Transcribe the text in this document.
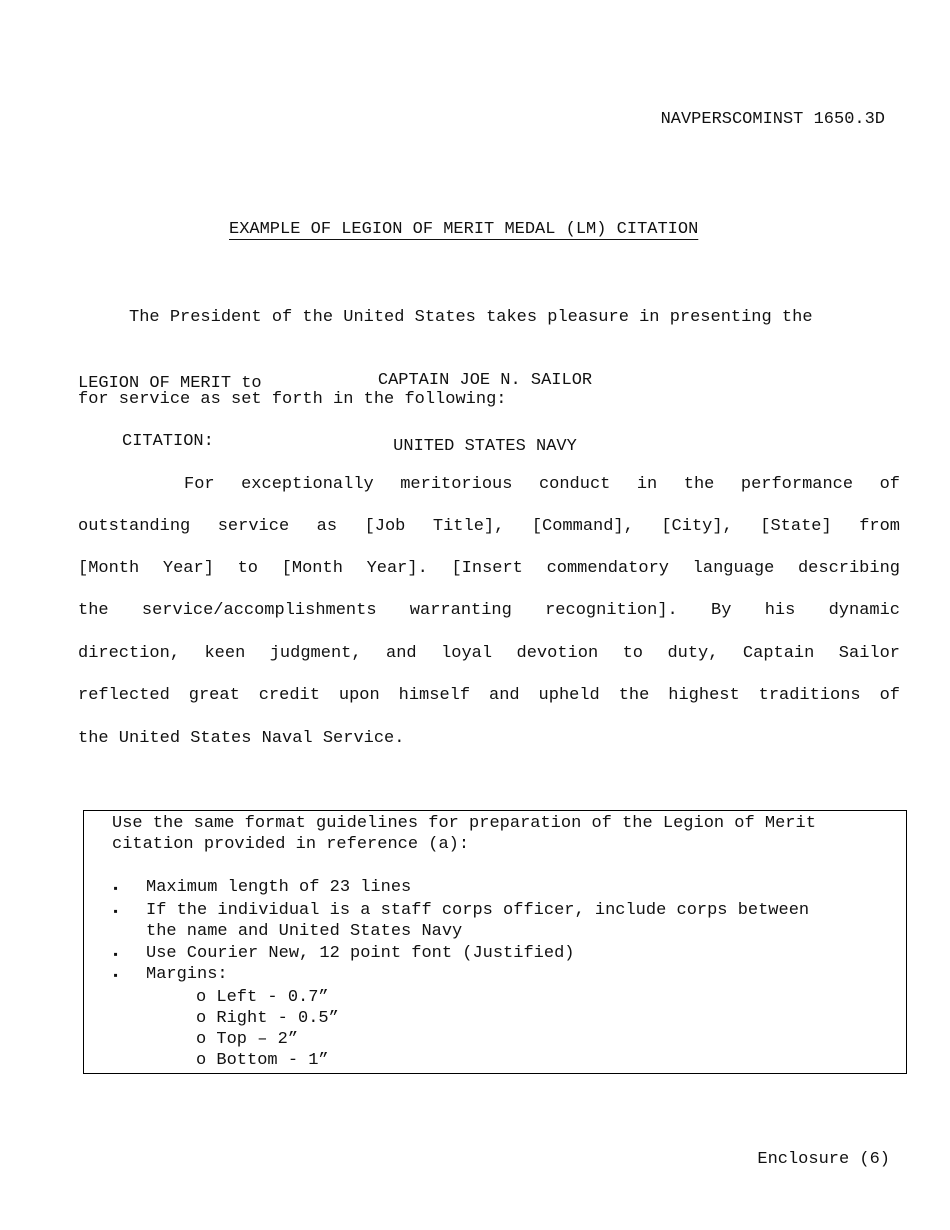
NAVPERSCOMINST 1650.3D
EXAMPLE OF LEGION OF MERIT MEDAL (LM) CITATION

The President of the United States takes pleasure in presenting the

LEGION OF MERIT to

	CAPTAIN JOE N. SAILOR

UNITED STATES NAVY

for service as set forth in the following:
CITATION:
For exceptionally meritorious conduct in the performance of
outstanding service as [Job Title], [Command], [City], [State] from
[Month Year] to [Month Year]. [Insert commendatory language describing
the service/accomplishments warranting recognition]. By his dynamic
direction, keen judgment, and loyal devotion to duty, Captain Sailor
reflected great credit upon himself and upheld the highest traditions of
the United States Naval Service.
Use the same format guidelines for preparation of the Legion of Merit
citation provided in reference (a):
▪ Maximum length of 23 lines
▪ If the individual is a staff corps officer, include corps between
the name and United States Navy
▪ Use Courier New, 12 point font (Justified)
▪ Margins:
o Left - 0.7”
o Right - 0.5”
o Top – 2”
o Bottom - 1”
Enclosure (6)
